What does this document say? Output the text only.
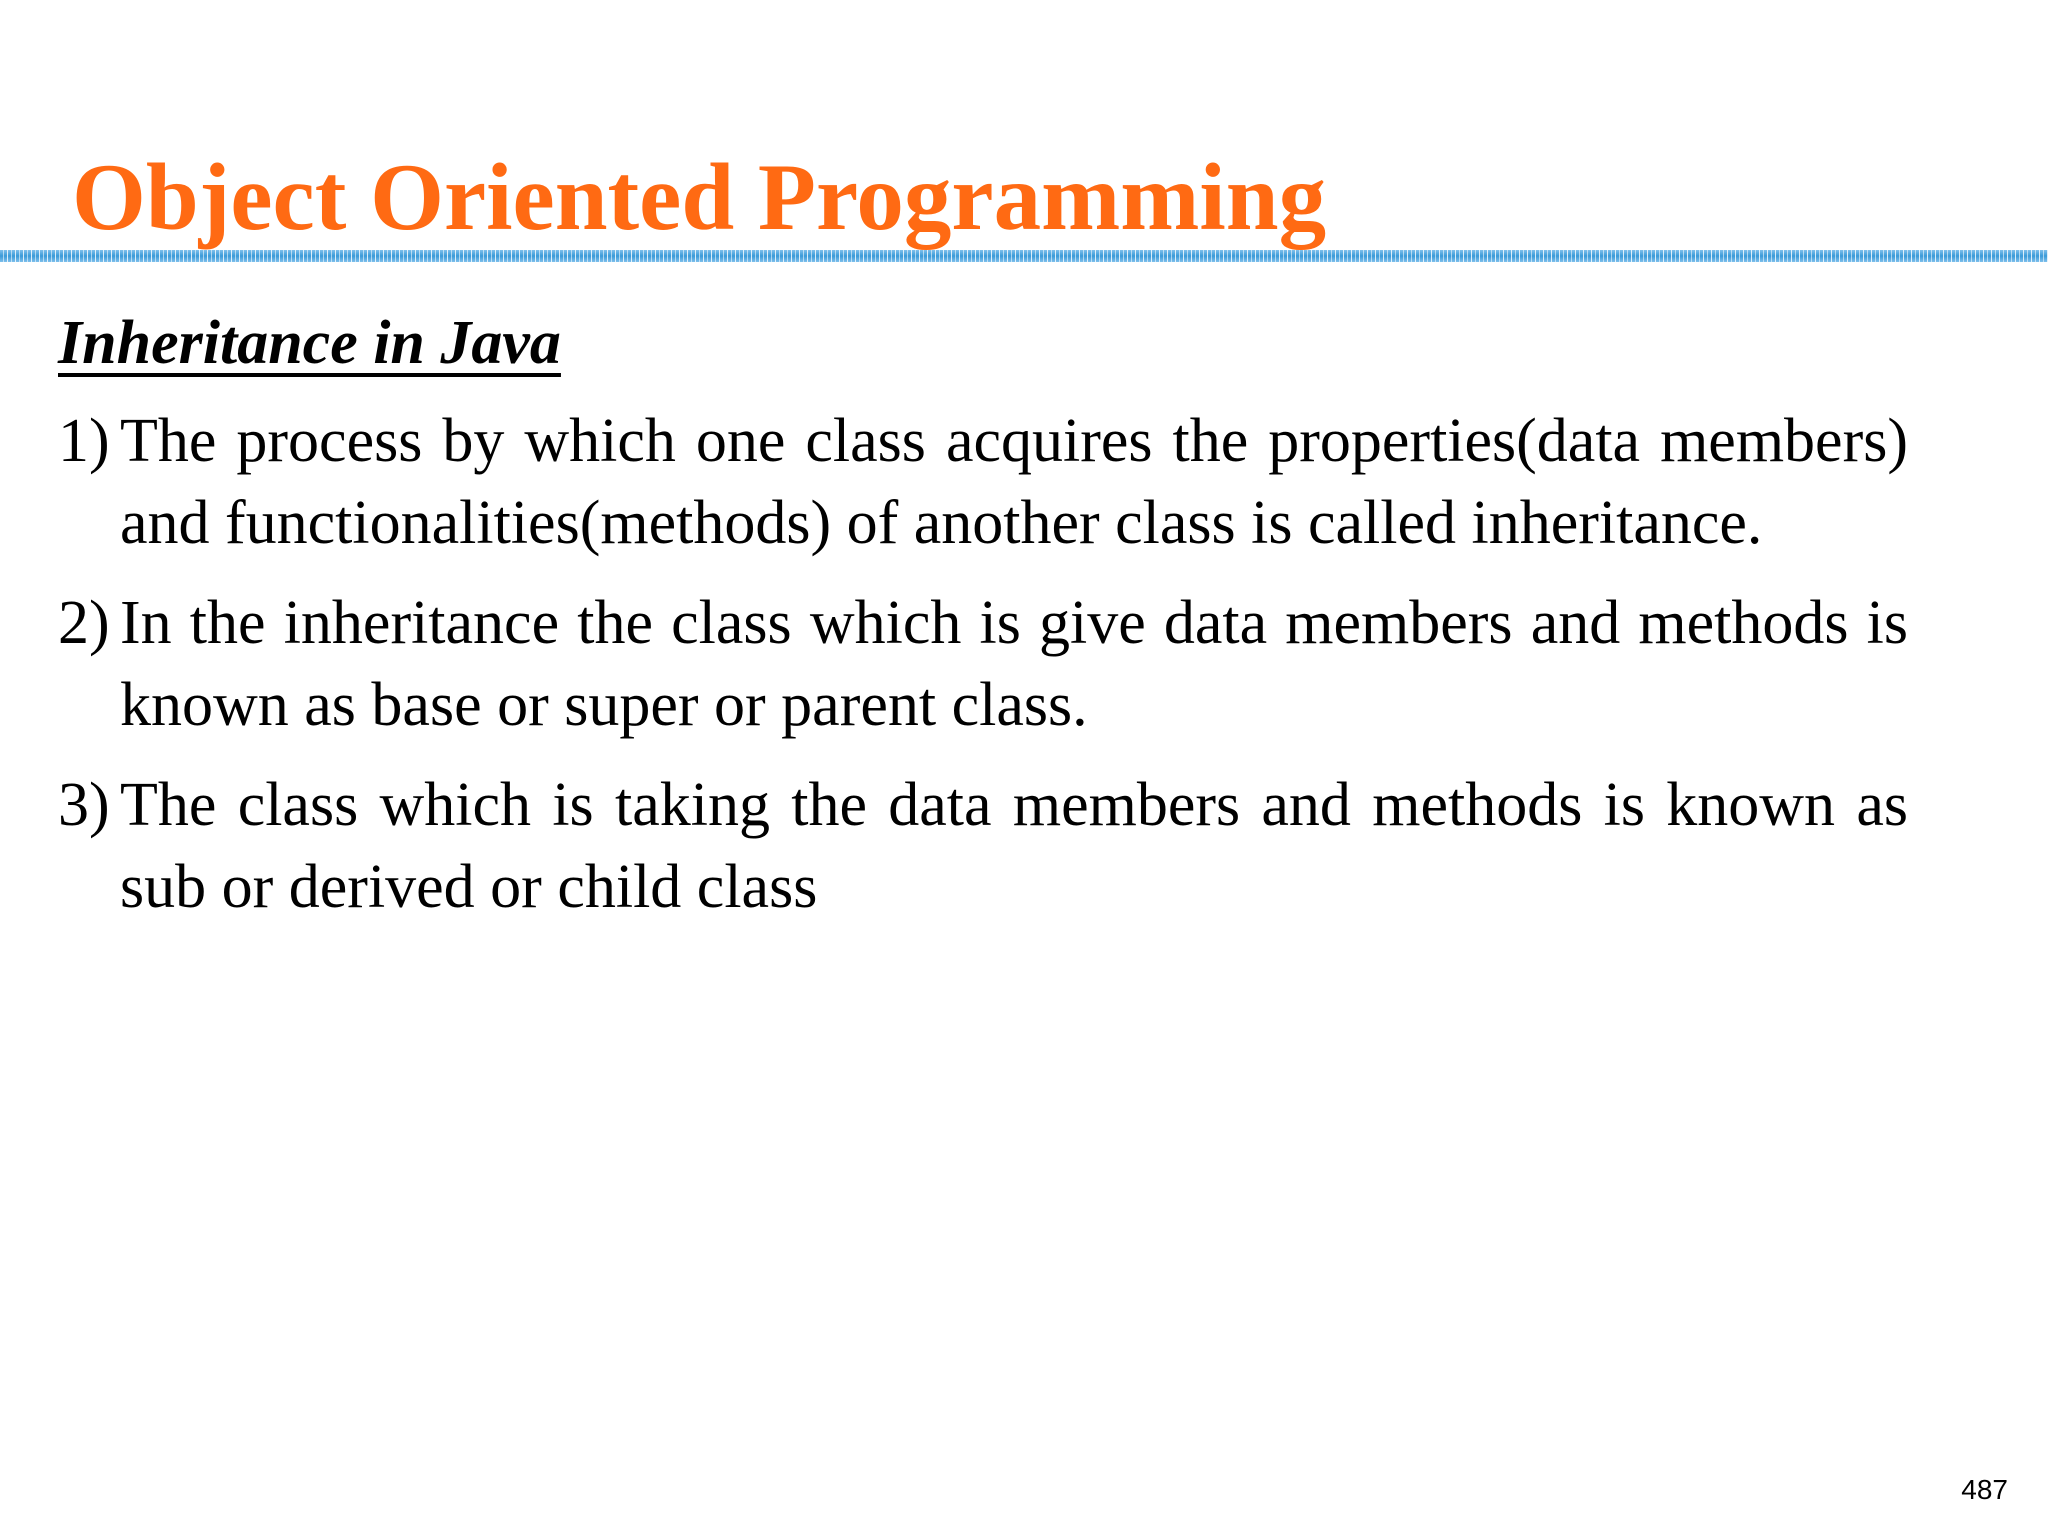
Object Oriented Programming
Inheritance in Java
1) The process by which one class acquires the properties(data members) and functionalities(methods) of another class is called inheritance.
2) In the inheritance the class which is give data members and methods is known as base or super or parent class.
3) The class which is taking the data members and methods is known as sub or derived or child class
487
